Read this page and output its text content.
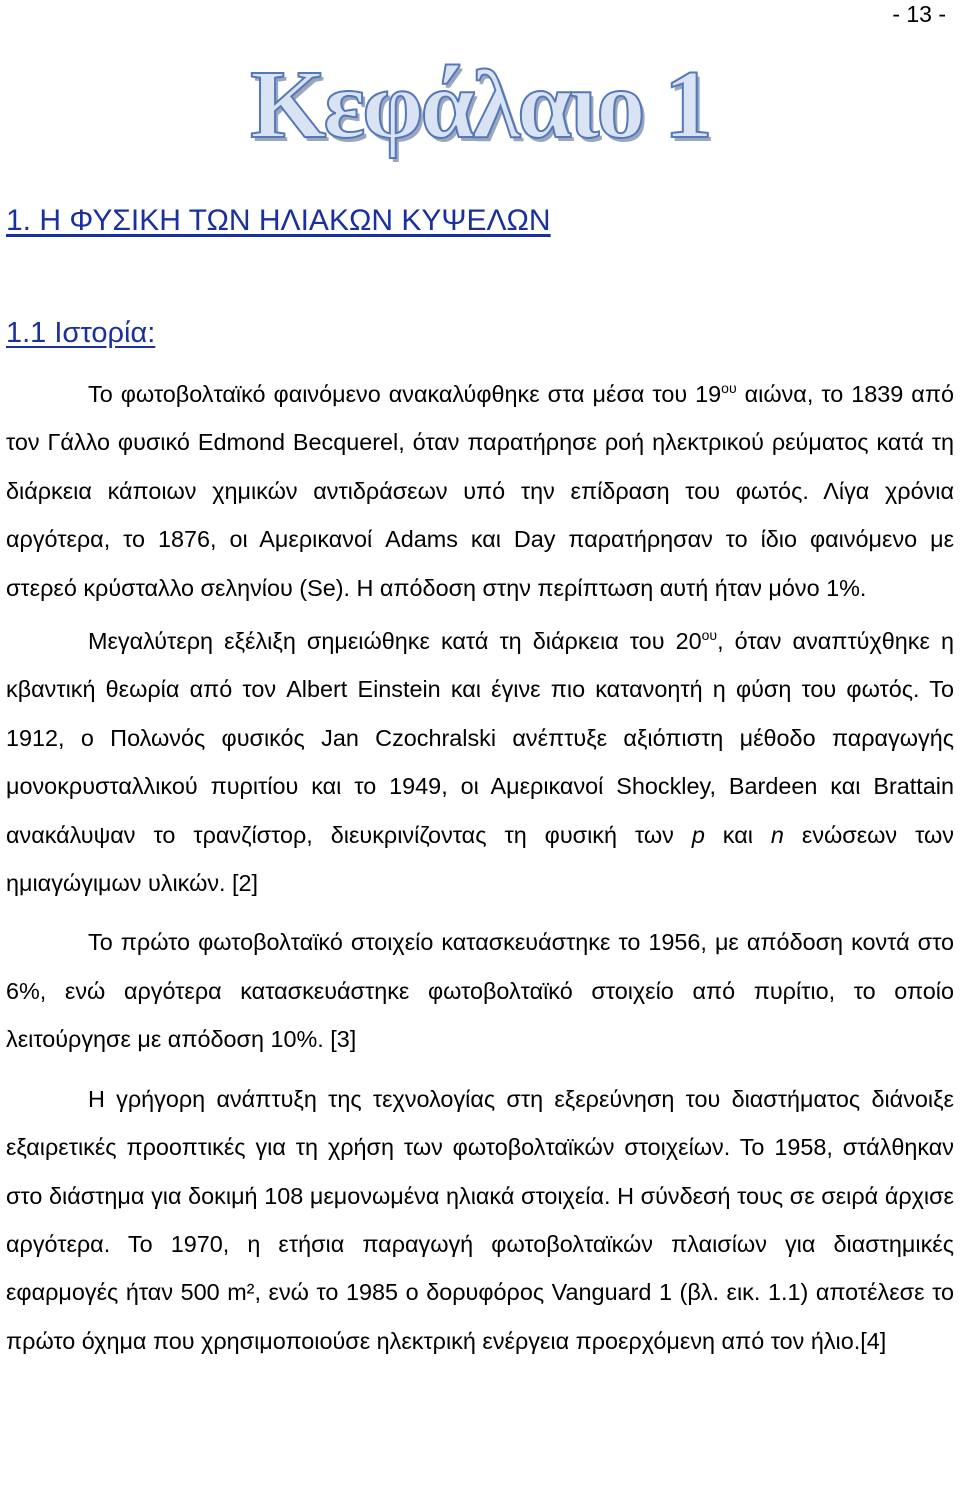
- 13 -
Κεφάλαιο 1
1. Η ΦΥΣΙΚΗ ΤΩΝ ΗΛΙΑΚΩΝ ΚΥΨΕΛΩΝ
1.1 Ιστορία:

Το φωτοβολταϊκό φαινόμενο ανακαλύφθηκε στα μέσα του $19^{o\upsilon}$ αιώνα, το 1839 από τον Γάλλο φυσικό Edmond Becquerel, όταν παρατήρησε ροή ηλεκτρικού ρεύματος κατά τη διάρκεια κάποιων χημικών αντιδράσεων υπό την επίδραση του φωτός. Λίγα χρόνια αργότερα, το 1876, οι Αμερικανοί Adams και Day παρατήρησαν το ίδιο φαινόμενο με στερεό κρύσταλλο σεληνίου (Se). Η απόδοση στην περίπτωση αυτή ήταν μόνο 1%.

Μεγαλύτερη εξέλιξη σημειώθηκε κατά τη διάρκεια του $20^{o\upsilon}$, όταν αναπτύχθηκε η κβαντική θεωρία από τον Albert Einstein και έγινε πιο κατανοητή η φύση του φωτός. Το 1912, ο Πολωνός φυσικός Jan Czochralski ανέπτυξε αξιόπιστη μέθοδο παραγωγής μονοκρυσταλλικού πυριτίου και το 1949, οι Αμερικανοί Shockley, Bardeen και Brattain ανακάλυψαν το τρανζίστορ, διευκρινίζοντας τη φυσική των p και n ενώσεων των ημιαγώγιμων υλικών. [2]

Το πρώτο φωτοβολταϊκό στοιχείο κατασκευάστηκε το 1956, με απόδοση κοντά στο 6%, ενώ αργότερα κατασκευάστηκε φωτοβολταϊκό στοιχείο από πυρίτιο, το οποίο λειτούργησε με απόδοση 10%. [3]

Η γρήγορη ανάπτυξη της τεχνολογίας στη εξερεύνηση του διαστήματος διάνοιξε εξαιρετικές προοπτικές για τη χρήση των φωτοβολταϊκών στοιχείων. Το 1958, στάλθηκαν στο διάστημα για δοκιμή 108 μεμονωμένα ηλιακά στοιχεία. Η σύνδεσή τους σε σειρά άρχισε αργότερα. Το 1970, η ετήσια παραγωγή φωτοβολταϊκών πλαισίων για διαστημικές εφαρμογές ήταν 500 m², ενώ το 1985 ο δορυφόρος Vanguard 1 (βλ. εικ. 1.1) αποτέλεσε το πρώτο όχημα που χρησιμοποιούσε ηλεκτρική ενέργεια προερχόμενη από τον ήλιο.[4]
